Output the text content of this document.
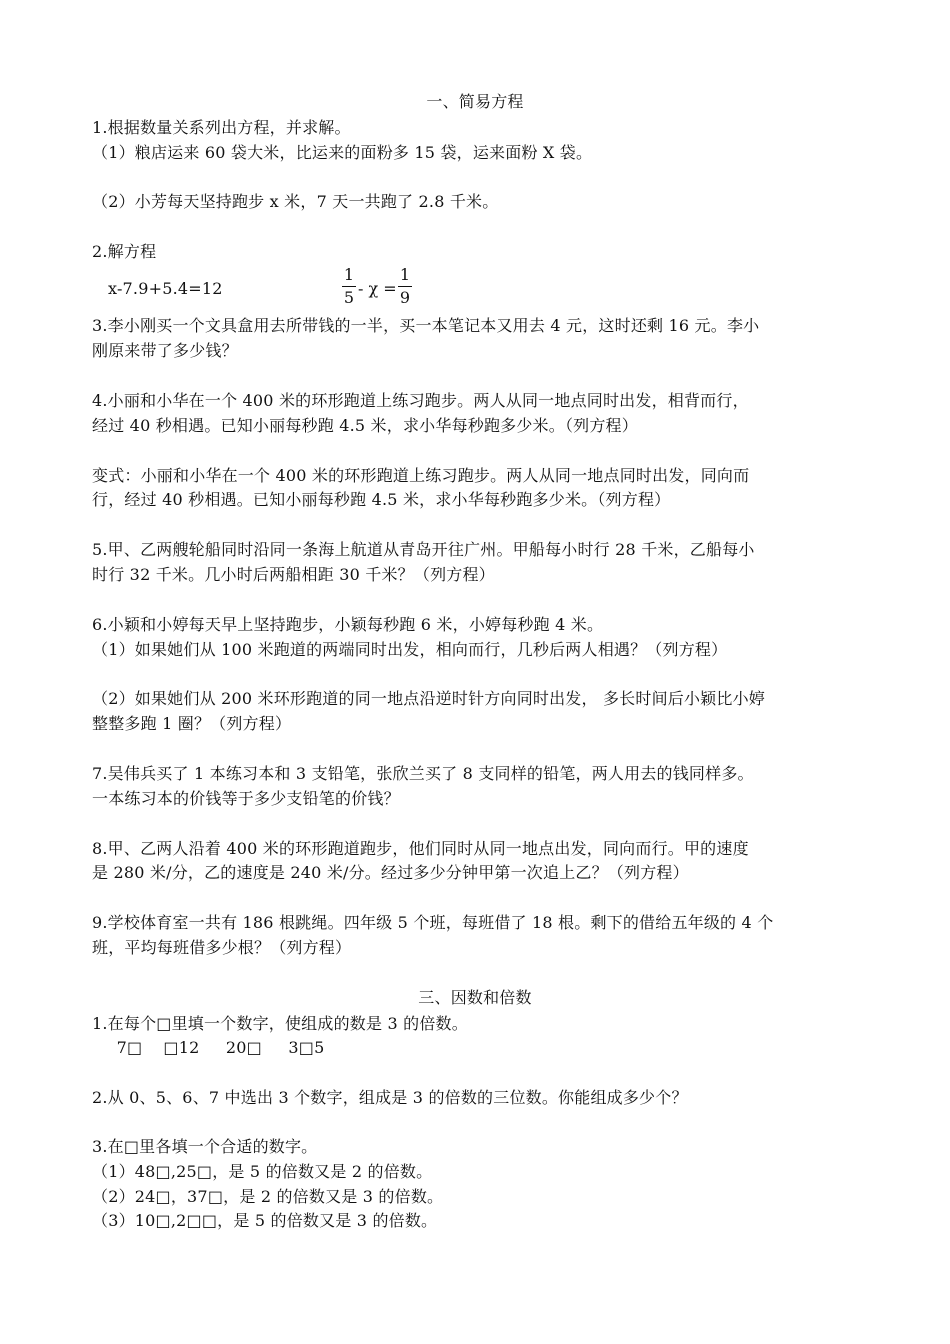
一、简易方程
1.根据数量关系列出方程，并求解。
（1）粮店运来 60 袋大米，比运来的面粉多 15 袋，运来面粉 X 袋。
（2）小芳每天坚持跑步 x 米，7 天一共跑了 2.8 千米。
2.解方程
x-7.9+5.4=12
1
5 - χ =
1
9
3.李小刚买一个文具盒用去所带钱的一半，买一本笔记本又用去 4 元，这时还剩 16 元。李小
刚原来带了多少钱？
4.小丽和小华在一个 400 米的环形跑道上练习跑步。两人从同一地点同时出发，相背而行，
经过 40 秒相遇。已知小丽每秒跑 4.5 米，求小华每秒跑多少米。（列方程）
变式：小丽和小华在一个 400 米的环形跑道上练习跑步。两人从同一地点同时出发，同向而
行，经过 40 秒相遇。已知小丽每秒跑 4.5 米，求小华每秒跑多少米。（列方程）
5.甲、乙两艘轮船同时沿同一条海上航道从青岛开往广州。甲船每小时行 28 千米，乙船每小
时行 32 千米。几小时后两船相距 30 千米？（列方程）
6.小颖和小婷每天早上坚持跑步，小颖每秒跑 6 米，小婷每秒跑 4 米。
（1）如果她们从 100 米跑道的两端同时出发，相向而行，几秒后两人相遇？（列方程）
（2）如果她们从 200 米环形跑道的同一地点沿逆时针方向同时出发， 多长时间后小颖比小婷
整整多跑 1 圈？（列方程）
7.吴伟兵买了 1 本练习本和 3 支铅笔，张欣兰买了 8 支同样的铅笔，两人用去的钱同样多。
一本练习本的价钱等于多少支铅笔的价钱？
8.甲、乙两人沿着 400 米的环形跑道跑步，他们同时从同一地点出发，同向而行。甲的速度
是 280 米/分，乙的速度是 240 米/分。经过多少分钟甲第一次追上乙？（列方程）
9.学校体育室一共有 186 根跳绳。四年级 5 个班，每班借了 18 根。剩下的借给五年级的 4 个
班，平均每班借多少根？（列方程）
三、因数和倍数
1.在每个□里填一个数字，使组成的数是 3 的倍数。
7□    □12     20□     3□5
2.从 0、5、6、7 中选出 3 个数字，组成是 3 的倍数的三位数。你能组成多少个？
3.在□里各填一个合适的数字。
（1）48□,25□，是 5 的倍数又是 2 的倍数。
（2）24□，37□，是 2 的倍数又是 3 的倍数。
（3）10□,2□□，是 5 的倍数又是 3 的倍数。
